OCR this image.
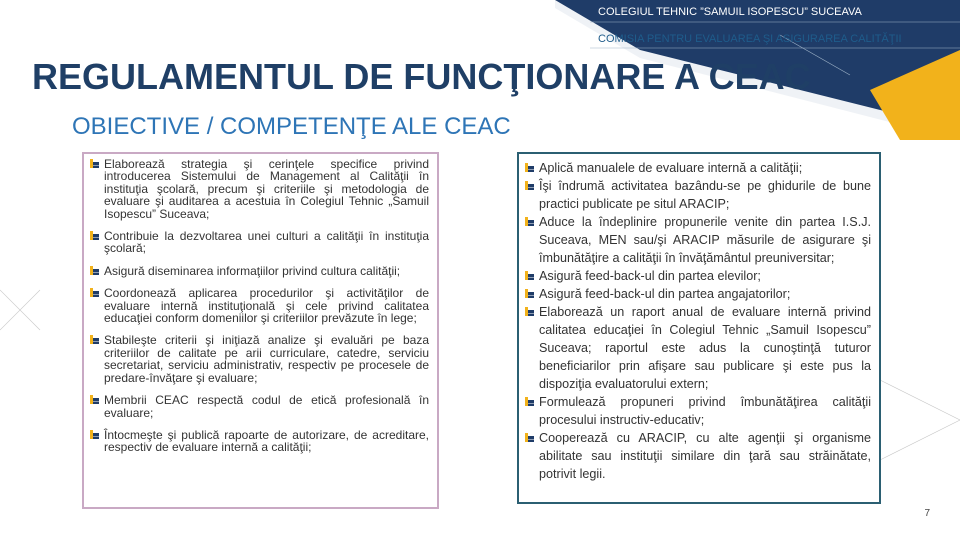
COLEGIUL TEHNIC ”SAMUIL ISOPESCU” SUCEAVA
COMISIA PENTRU EVALUAREA ŞI ASIGURAREA CALITĂŢII
REGULAMENTUL DE FUNCŢIONARE A CEAC
OBIECTIVE / COMPETENŢE ALE CEAC
Elaborează strategia şi cerinţele specifice privind introducerea Sistemului de Management al Calităţii în instituţia şcolară, precum şi criteriile şi metodologia de evaluare şi auditarea a acestuia în Colegiul Tehnic „Samuil Isopescu” Suceava;
Contribuie la dezvoltarea unei culturi a calităţii în instituţia şcolară;
Asigură diseminarea informaţiilor privind cultura calităţii;
Coordonează aplicarea procedurilor şi activităţilor de evaluare internă instituţională şi cele privind calitatea educaţiei conform domeniilor şi criteriilor prevăzute în lege;
Stabileşte criterii şi iniţiază analize şi evaluări pe baza criteriilor de calitate pe arii curriculare, catedre, serviciu secretariat, serviciu administrativ, respectiv pe procesele de predare-învăţare şi evaluare;
Membrii CEAC respectă codul de etică profesională în evaluare;
Întocmeşte şi publică rapoarte de autorizare, de acreditare, respectiv de evaluare internă a calităţii;
Aplică manualele de evaluare internă a calităţii;
Îşi îndrumă activitatea bazându-se pe ghidurile de bune practici publicate pe situl ARACIP;
Aduce la îndeplinire propunerile venite din partea I.S.J. Suceava, MEN sau/şi ARACIP măsurile de asigurare şi îmbunătăţire a calităţii în învăţământul preuniversitar;
Asigură feed-back-ul din partea elevilor;
Asigură feed-back-ul din partea angajatorilor;
Elaborează un raport anual de evaluare internă privind calitatea educaţiei în Colegiul Tehnic „Samuil Isopescu” Suceava; raportul este adus la cunoştinţă tuturor beneficiarilor prin afişare sau publicare şi este pus la dispoziţia evaluatorului extern;
Formulează propuneri privind îmbunătăţirea calităţii procesului instructiv-educativ;
Cooperează cu ARACIP, cu alte agenţii şi organisme abilitate sau instituţii similare din ţară sau străinătate, potrivit legii.
7
